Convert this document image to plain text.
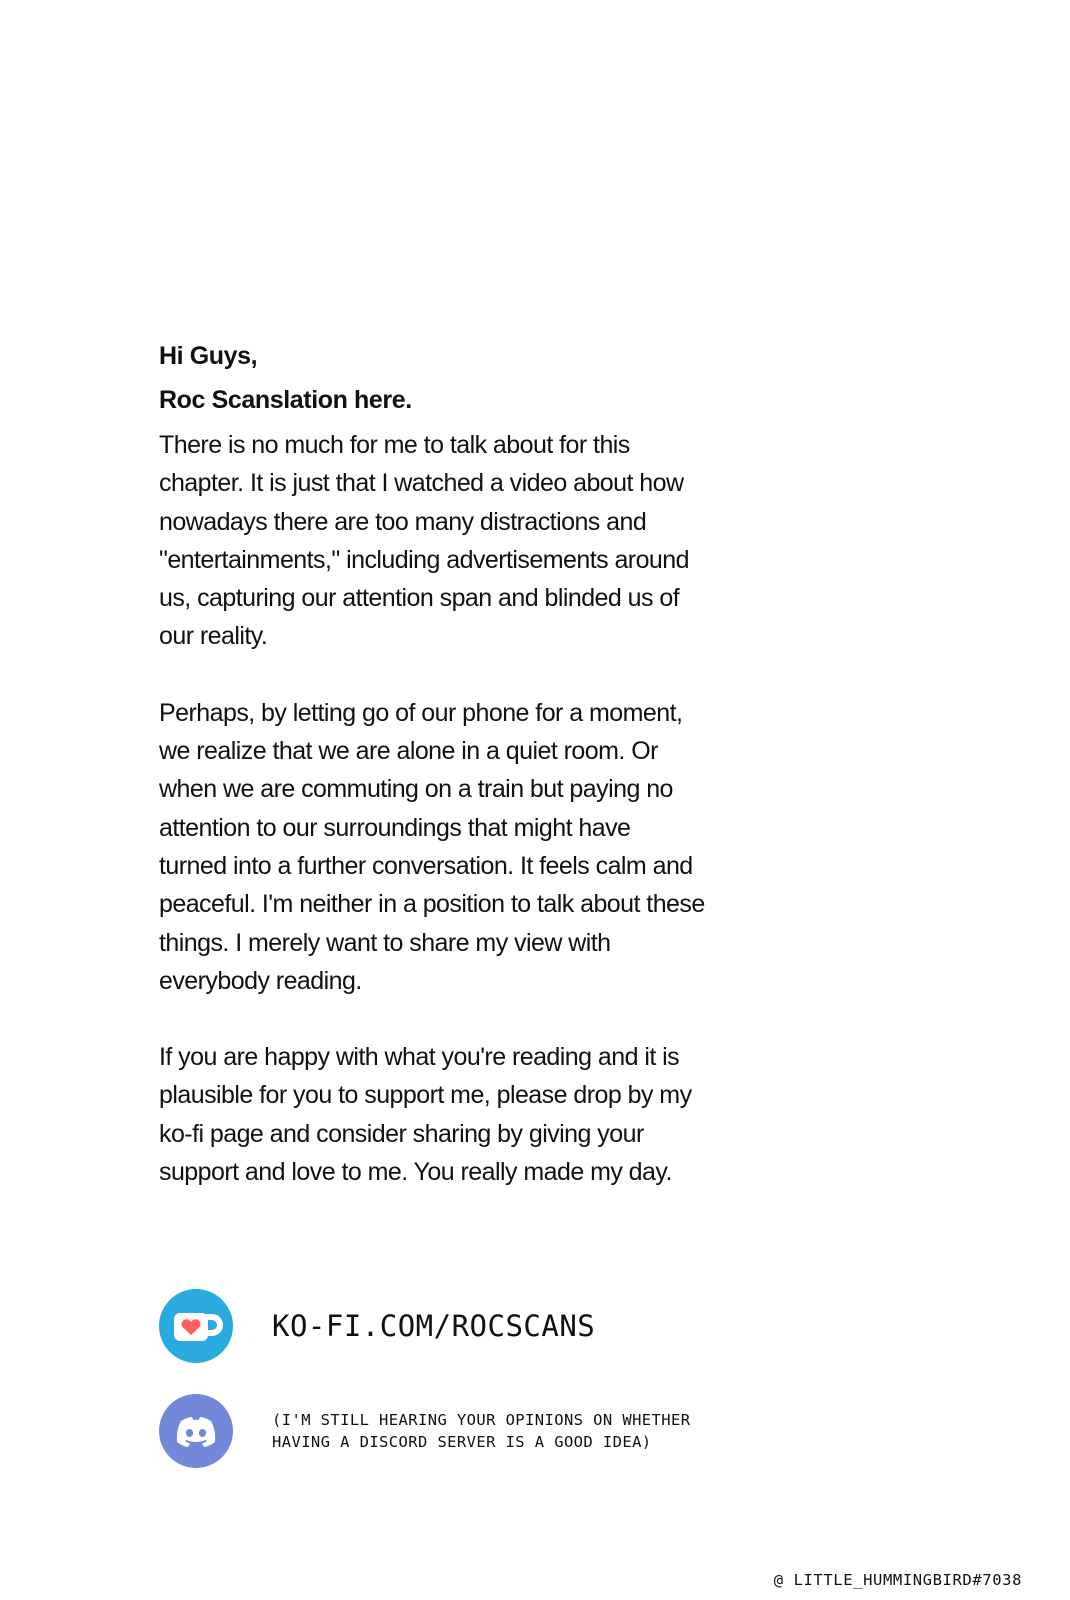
Hi Guys,

Roc Scanslation here.

There is no much for me to talk about for this
chapter. It is just that I watched a video about how
nowadays there are too many distractions and
"entertainments," including advertisements around
us, capturing our attention span and blinded us of
our reality.

Perhaps, by letting go of our phone for a moment,
we realize that we are alone in a quiet room. Or
when we are commuting on a train but paying no
attention to our surroundings that might have
turned into a further conversation. It feels calm and
peaceful. I'm neither in a position to talk about these
things. I merely want to share my view with
everybody reading.

If you are happy with what you're reading and it is
plausible for you to support me, please drop by my
ko-fi page and consider sharing by giving your
support and love to me. You really made my day.

KO-FI.COM/ROCSCANS
(I'M STILL HEARING YOUR OPINIONS ON WHETHER HAVING A DISCORD SERVER IS A GOOD IDEA)
@ LITTLE_HUMMINGBIRD#7038
